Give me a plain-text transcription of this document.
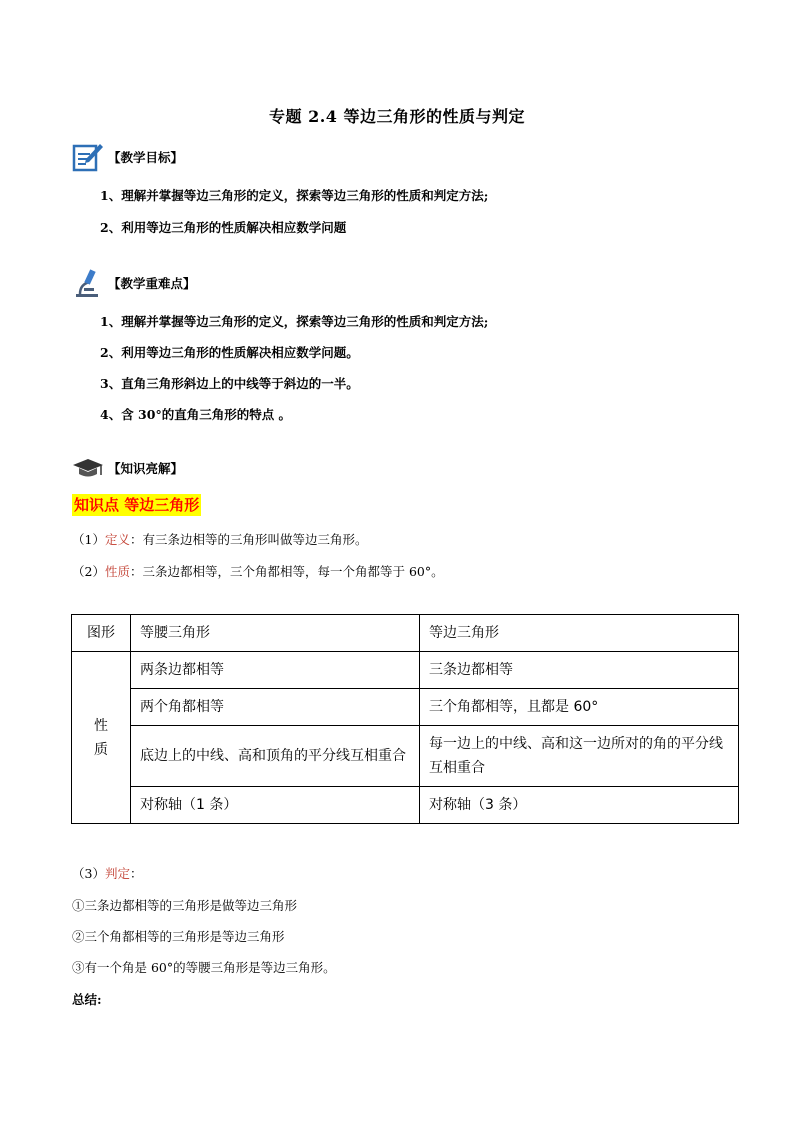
专题 2.4 等边三角形的性质与判定
【教学目标】
1、理解并掌握等边三角形的定义，探索等边三角形的性质和判定方法;
2、利用等边三角形的性质解决相应数学问题
【教学重难点】
1、理解并掌握等边三角形的定义，探索等边三角形的性质和判定方法;
2、利用等边三角形的性质解决相应数学问题。
3、直角三角形斜边上的中线等于斜边的一半。
4、含 30°的直角三角形的特点 。
【知识亮解】
知识点 等边三角形
（1）定义：有三条边相等的三角形叫做等边三角形。
（2）性质：三条边都相等，三个角都相等，每一个角都等于 60°。
图形	等腰三角形	等边三角形
性
质	两条边都相等	三条边都相等
	两个角都相等	三个角都相等，且都是 60°
	底边上的中线、高和顶角的平分线互相重合	每一边上的中线、高和这一边所对的角的平分线互相重合
	对称轴（1 条）	对称轴（3 条）
（3）判定：
①三条边都相等的三角形是做等边三角形
②三个角都相等的三角形是等边三角形
③有一个角是 60°的等腰三角形是等边三角形。
总结:
